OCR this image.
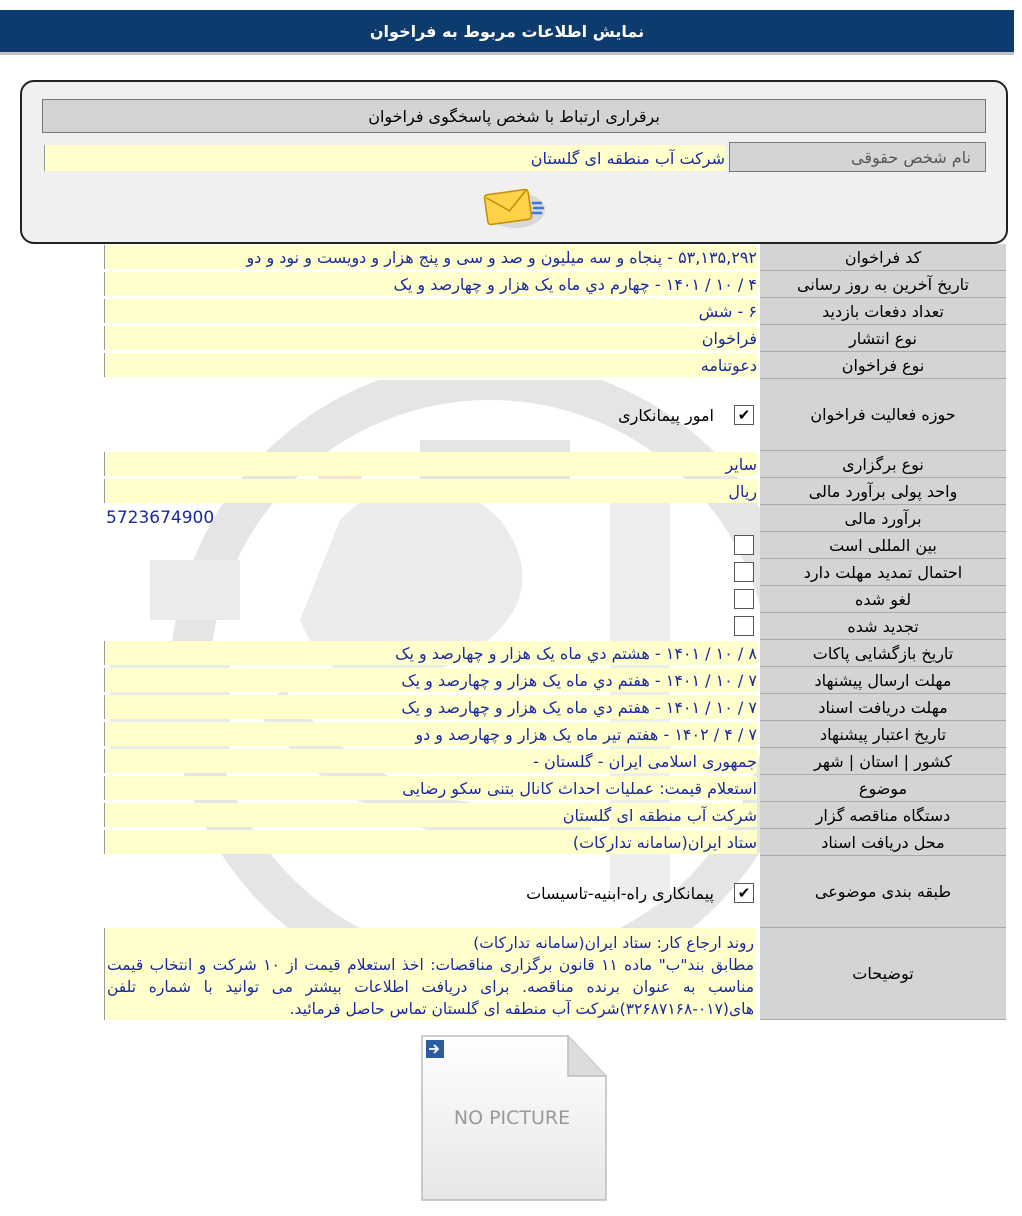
نمایش اطلاعات مربوط به فراخوان
برقراری ارتباط با شخص پاسخگوی فراخوان
نام شخص حقوقی
شرکت آب منطقه ای گلستان
کد فراخوان
۵۳,۱۳۵,۲۹۲ - پنجاه و سه میلیون و صد و سی و پنج هزار و دویست و نود و دو
تاریخ آخرین به روز رسانی
۴ / ۱۰ / ۱۴۰۱ - چهارم دي ماه یک هزار و چهارصد و یک
تعداد دفعات بازدید
۶ - شش
نوع انتشار
فراخوان
نوع فراخوان
دعوتنامه
حوزه فعالیت فراخوان
✔
امور پیمانکاری
نوع برگزاری
سایر
واحد پولی برآورد مالی
ریال
برآورد مالی
5723674900
بین المللی است
احتمال تمدید مهلت دارد
لغو شده
تجدید شده
تاریخ بازگشایی پاکات
۸ / ۱۰ / ۱۴۰۱ - هشتم دي ماه یک هزار و چهارصد و یک
مهلت ارسال پیشنهاد
۷ / ۱۰ / ۱۴۰۱ - هفتم دي ماه یک هزار و چهارصد و یک
مهلت دریافت اسناد
۷ / ۱۰ / ۱۴۰۱ - هفتم دي ماه یک هزار و چهارصد و یک
تاریخ اعتبار پیشنهاد
۷ / ۴ / ۱۴۰۲ - هفتم تیر ماه یک هزار و چهارصد و دو
کشور | استان | شهر
جمهوری اسلامی ایران - گلستان -
موضوع
استعلام قیمت: عملیات احداث کانال بتنی سکو رضایی
دستگاه مناقصه گزار
شرکت آب منطقه ای گلستان
محل دریافت اسناد
ستاد ایران(سامانه تدارکات)
طبقه بندی موضوعی
✔
پیمانکاری راه-ابنیه-تاسیسات
توضیحات
روند ارجاع کار: ستاد ایران(سامانه تدارکات)
مطابق بند"ب" ماده ۱۱ قانون برگزاری مناقصات: اخذ استعلام قیمت از ۱۰ شرکت و انتخاب قیمت مناسب به عنوان برنده مناقصه. برای دریافت اطلاعات بیشتر می توانید با شماره تلفن های(۰۱۷-۳۲۶۸۷۱۶۸)شرکت آب منطقه ای گلستان تماس حاصل فرمائید.
NO PICTURE
